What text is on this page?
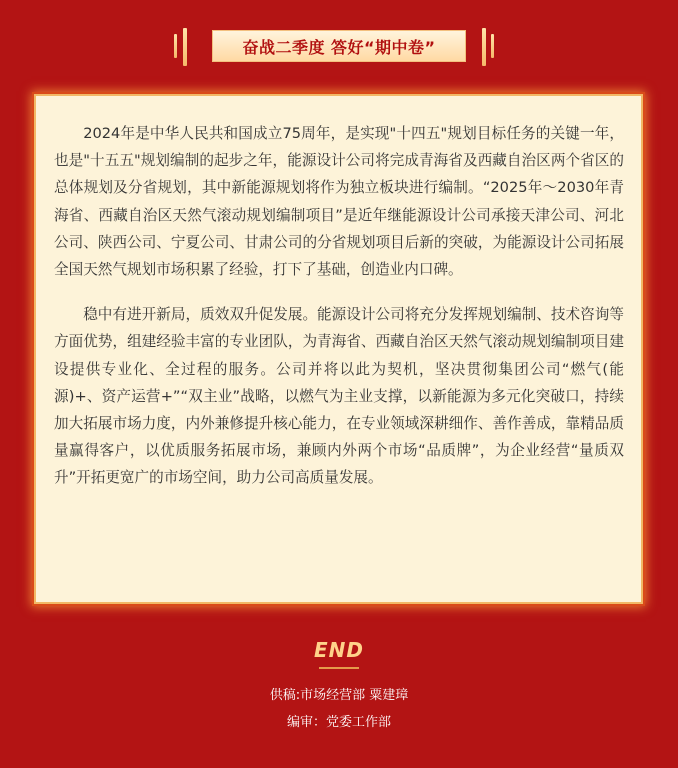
奋战二季度 答好“期中卷”

2024年是中华人民共和国成立75周年，是实现"十四五"规划目标任务的关键一年，也是"十五五"规划编制的起步之年，能源设计公司将完成青海省及西藏自治区两个省区的总体规划及分省规划，其中新能源规划将作为独立板块进行编制。“2025年～2030年青海省、西藏自治区天然气滚动规划编制项目”是近年继能源设计公司承接天津公司、河北公司、陕西公司、宁夏公司、甘肃公司的分省规划项目后新的突破，为能源设计公司拓展全国天然气规划市场积累了经验，打下了基础，创造业内口碑。

稳中有进开新局，质效双升促发展。能源设计公司将充分发挥规划编制、技术咨询等方面优势，组建经验丰富的专业团队，为青海省、西藏自治区天然气滚动规划编制项目建设提供专业化、全过程的服务。公司并将以此为契机，坚决贯彻集团公司“燃气(能源)+、资产运营+”“双主业”战略，以燃气为主业支撑，以新能源为多元化突破口，持续加大拓展市场力度，内外兼修提升核心能力，在专业领域深耕细作、善作善成，靠精品质量赢得客户，以优质服务拓展市场，兼顾内外两个市场“品质牌”，为企业经营“量质双升”开拓更宽广的市场空间，助力公司高质量发展。

END
供稿:市场经营部 粟建璋
编审：党委工作部
